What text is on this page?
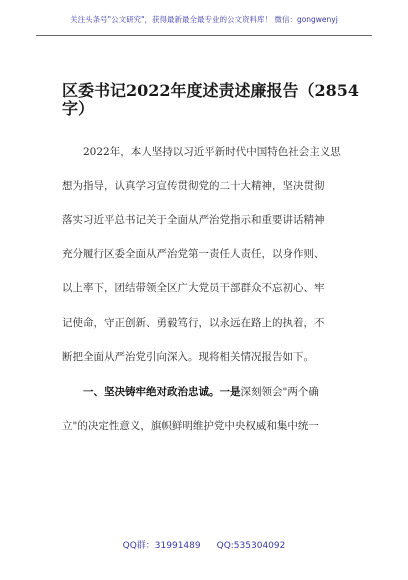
关注头条号"公文研究"，获得最新最全最专业的公文资料库！ 微信：gongwenyj
区委书记2022年度述责述廉报告（2854
字）
　　2022年，本人坚持以习近平新时代中国特色社会主义思
想为指导，认真学习宣传贯彻党的二十大精神，坚决贯彻
落实习近平总书记关于全面从严治党指示和重要讲话精神
充分履行区委全面从严治党第一责任人责任，以身作则、
以上率下，团结带领全区广大党员干部群众不忘初心、牢
记使命，守正创新、勇毅笃行，以永远在路上的执着，不
断把全面从严治党引向深入。现将相关情况报告如下。
　　一、坚决铸牢绝对政治忠诚。一是深刻领会"两个确
立"的决定性意义，旗帜鲜明维护党中央权威和集中统一
QQ群：31991489 QQ:535304092
